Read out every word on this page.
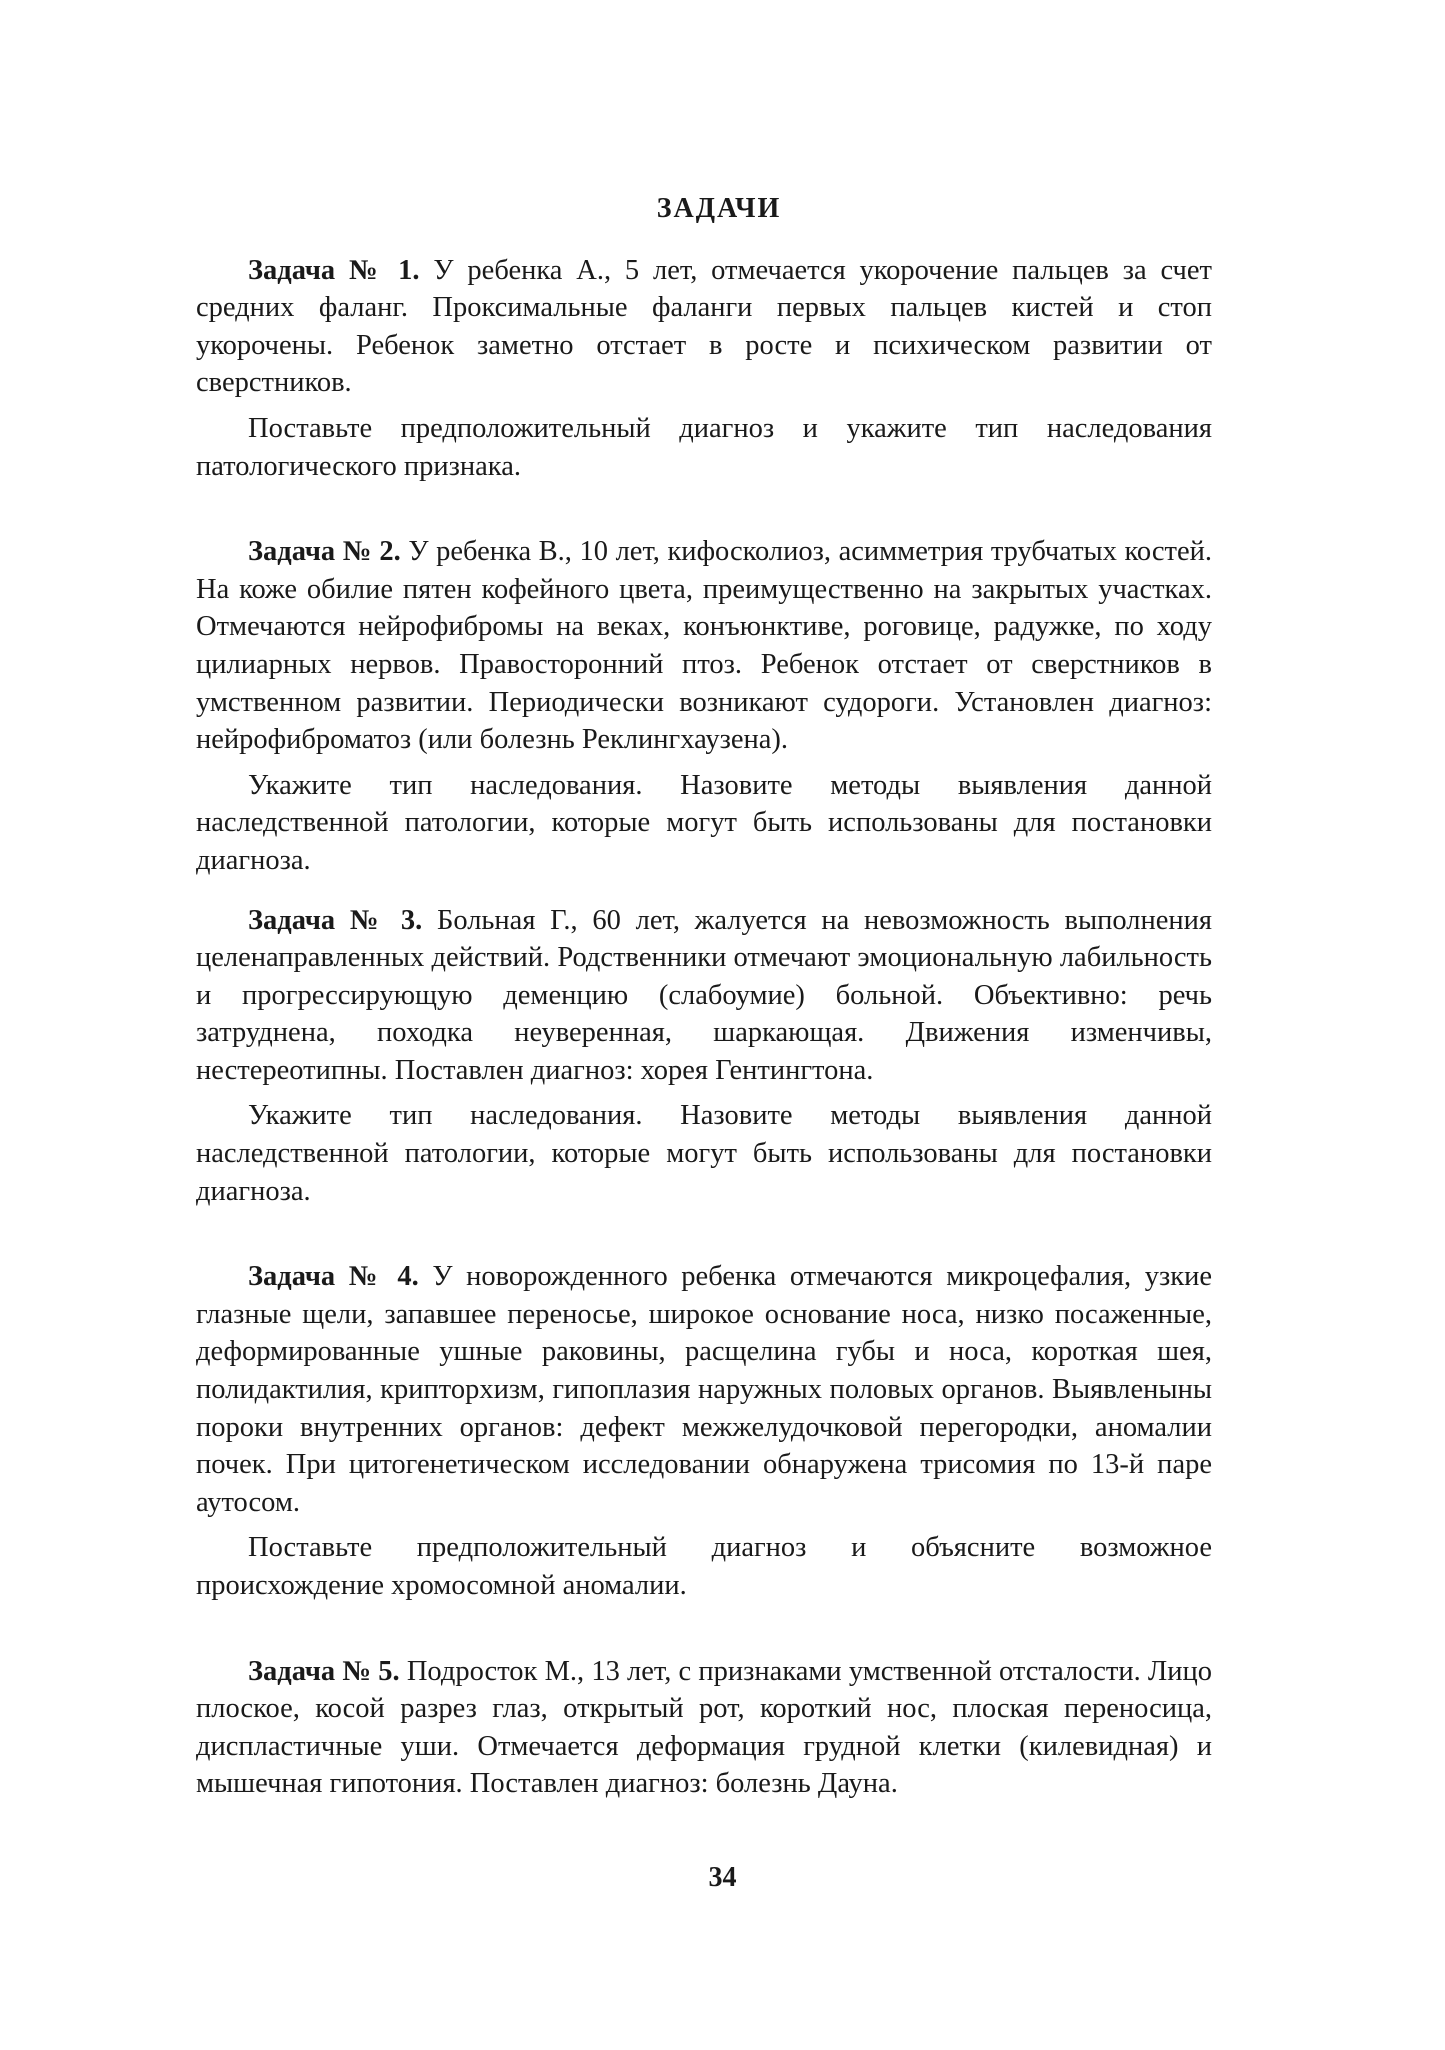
ЗАДАЧИ

Задача № 1. У ребенка А., 5 лет, отмечается укорочение пальцев за счет средних фаланг. Проксимальные фаланги первых пальцев кистей и стоп укорочены. Ребенок заметно отстает в росте и психическом развитии от сверстников.

Поставьте предположительный диагноз и укажите тип наследования патологического признака.

Задача № 2. У ребенка В., 10 лет, кифосколиоз, асимметрия трубчатых костей. На коже обилие пятен кофейного цвета, преимущественно на закрытых участках. Отмечаются нейрофибромы на веках, конъюнктиве, роговице, радужке, по ходу цилиарных нервов. Правосторонний птоз. Ребенок отстает от сверстников в умственном развитии. Периодически возникают судороги. Установлен диагноз: нейрофиброматоз (или болезнь Реклингхаузена).

Укажите тип наследования. Назовите методы выявления данной наследственной патологии, которые могут быть использованы для постановки диагноза.

Задача № 3. Больная Г., 60 лет, жалуется на невозможность выполнения целенаправленных действий. Родственники отмечают эмоциональную лабильность и прогрессирующую деменцию (слабоумие) больной. Объективно: речь затруднена, походка неуверенная, шаркающая. Движения изменчивы, нестереотипны. Поставлен диагноз: хорея Гентингтона.

Укажите тип наследования. Назовите методы выявления данной наследственной патологии, которые могут быть использованы для постановки диагноза.

Задача № 4. У новорожденного ребенка отмечаются микроцефалия, узкие глазные щели, запавшее переносье, широкое основание носа, низко посаженные, деформированные ушные раковины, расщелина губы и носа, короткая шея, полидактилия, крипторхизм, гипоплазия наружных половых органов. Выявленыны пороки внутренних органов: дефект межжелудочковой перегородки, аномалии почек. При цитогенетическом исследовании обнаружена трисомия по 13-й паре аутосом.

Поставьте предположительный диагноз и объясните возможное происхождение хромосомной аномалии.

Задача № 5. Подросток М., 13 лет, с признаками умственной отсталости. Лицо плоское, косой разрез глаз, открытый рот, короткий нос, плоская переносица, диспластичные уши. Отмечается деформация грудной клетки (килевидная) и мышечная гипотония. Поставлен диагноз: болезнь Дауна.

34
